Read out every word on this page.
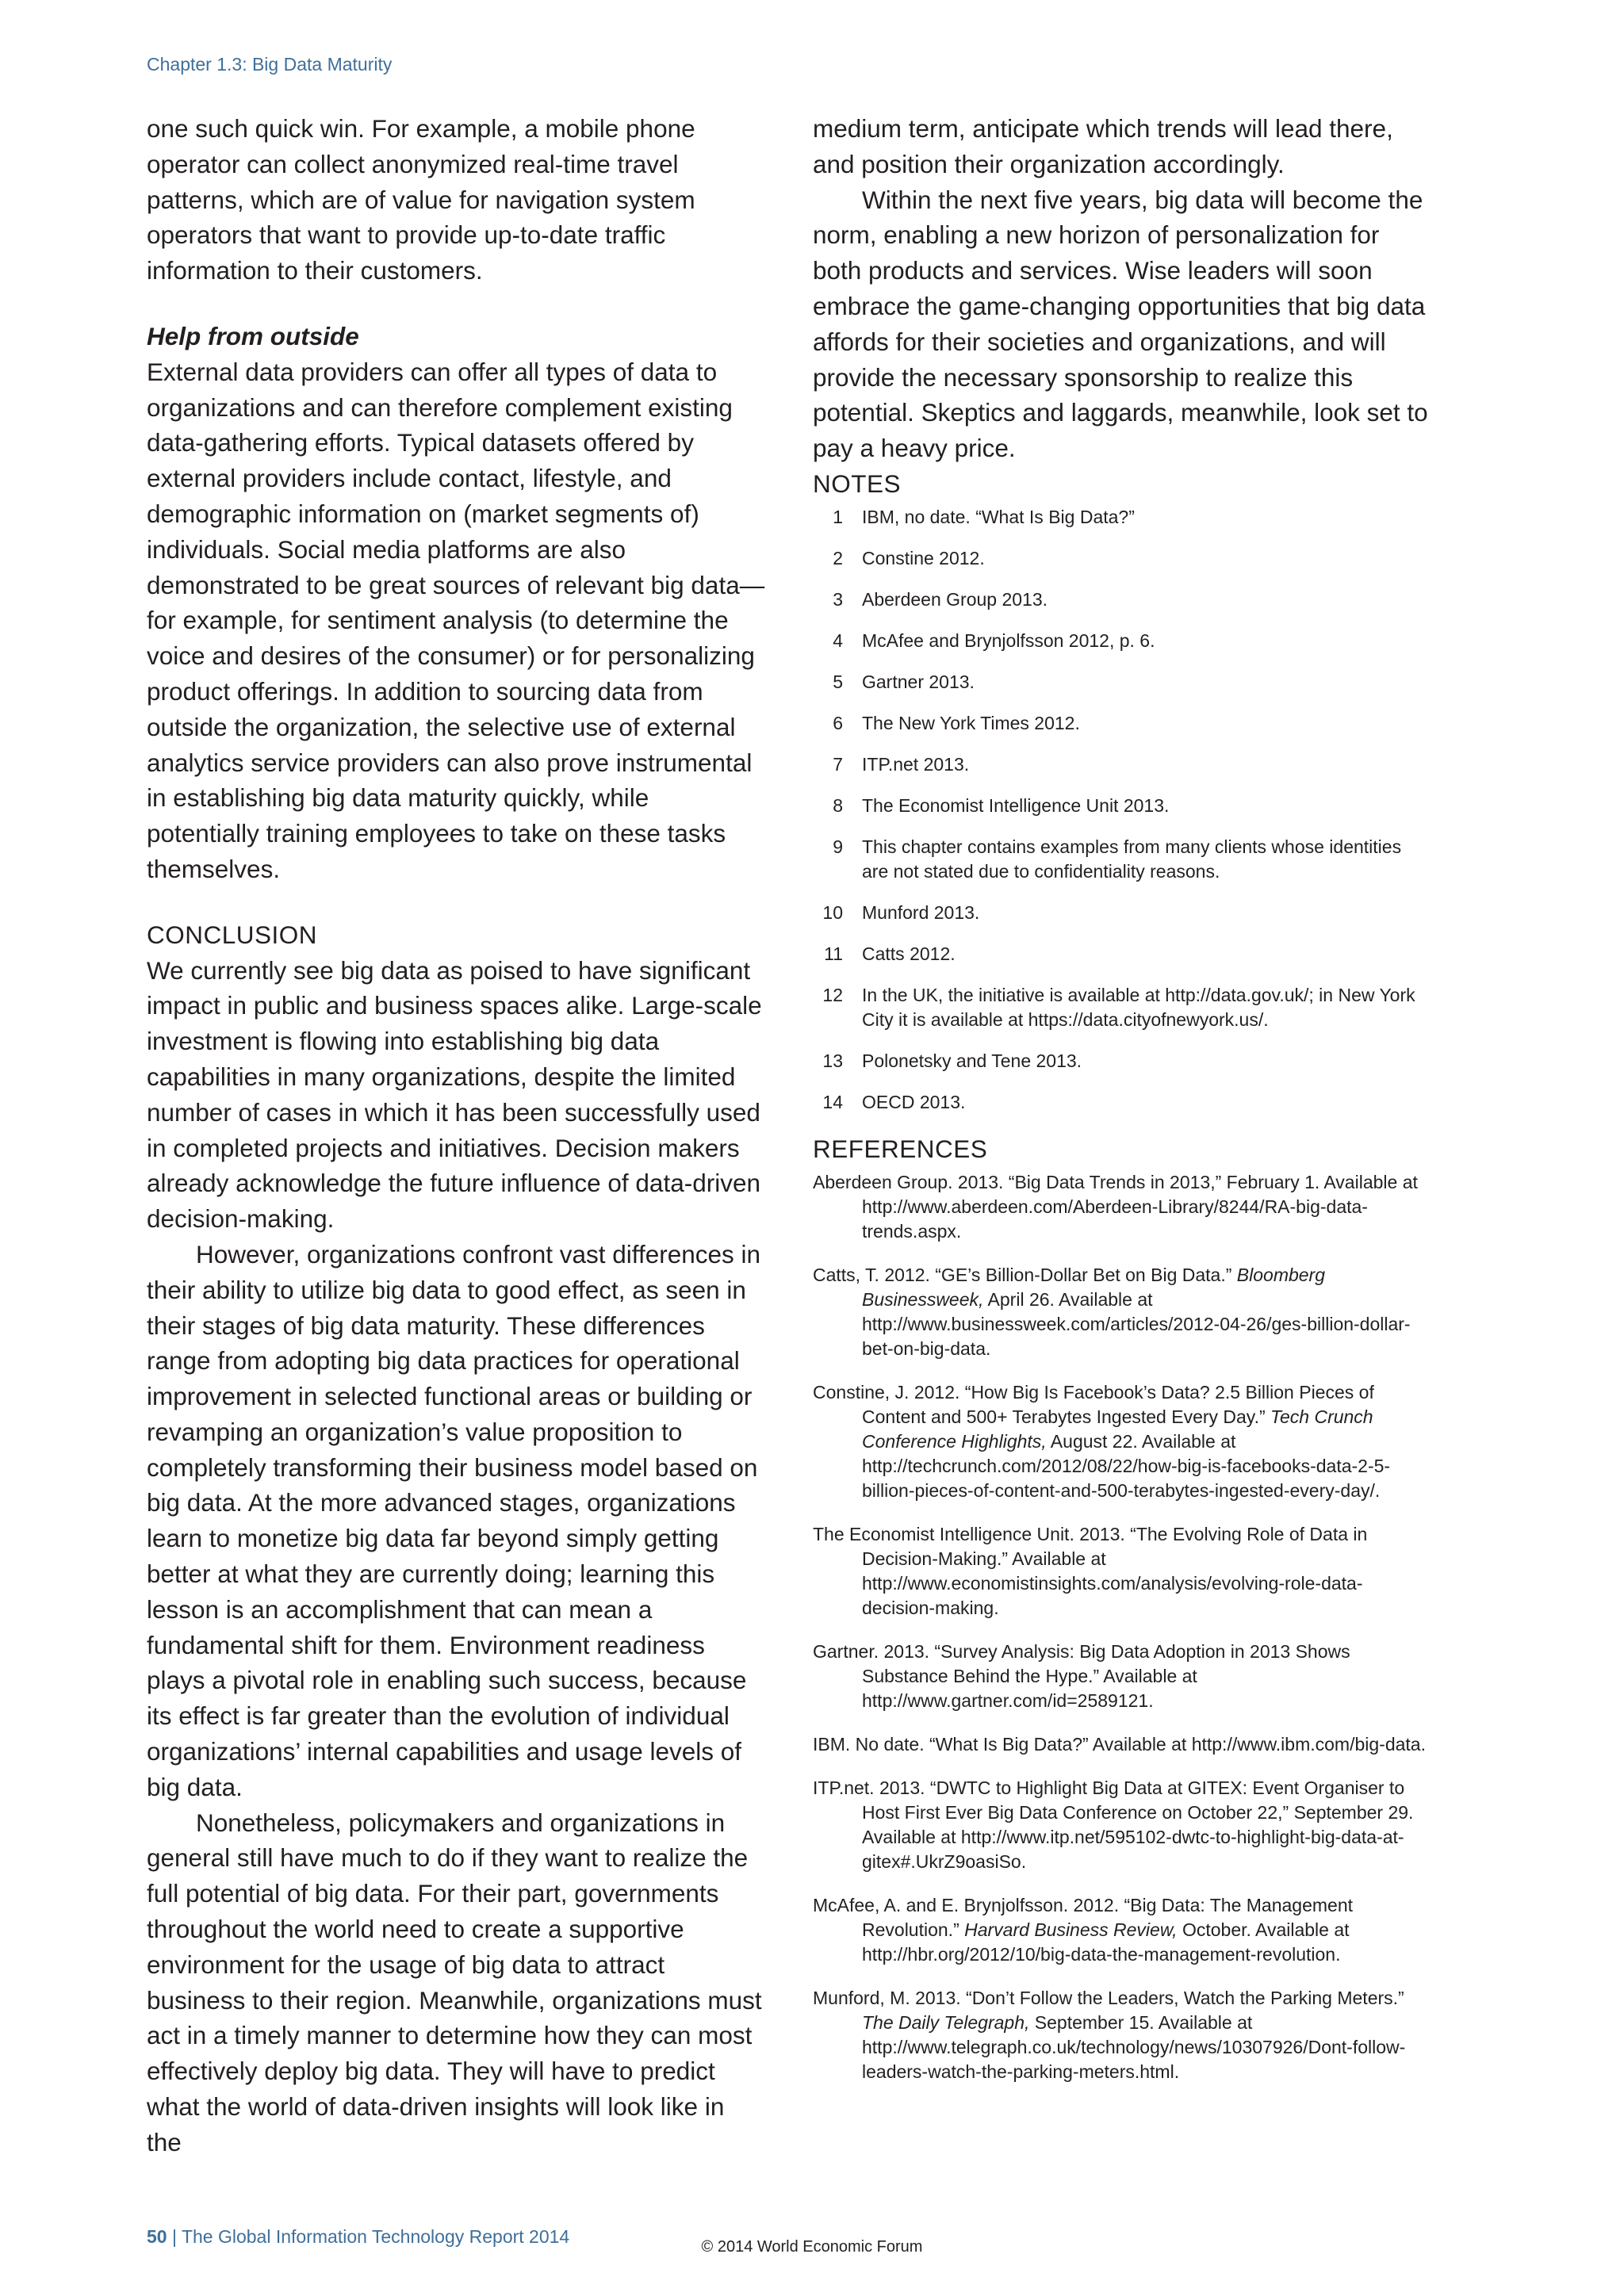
Chapter 1.3: Big Data Maturity

one such quick win. For example, a mobile phone operator can collect anonymized real-time travel patterns, which are of value for navigation system operators that want to provide up-to-date traffic information to their customers.

Help from outside

External data providers can offer all types of data to organizations and can therefore complement existing data-gathering efforts. Typical datasets offered by external providers include contact, lifestyle, and demographic information on (market segments of) individuals. Social media platforms are also demonstrated to be great sources of relevant big data—for example, for sentiment analysis (to determine the voice and desires of the consumer) or for personalizing product offerings. In addition to sourcing data from outside the organization, the selective use of external analytics service providers can also prove instrumental in establishing big data maturity quickly, while potentially training employees to take on these tasks themselves.

CONCLUSION

We currently see big data as poised to have significant impact in public and business spaces alike. Large-scale investment is flowing into establishing big data capabilities in many organizations, despite the limited number of cases in which it has been successfully used in completed projects and initiatives. Decision makers already acknowledge the future influence of data-driven decision-making.

However, organizations confront vast differences in their ability to utilize big data to good effect, as seen in their stages of big data maturity. These differences range from adopting big data practices for operational improvement in selected functional areas or building or revamping an organization’s value proposition to completely transforming their business model based on big data. At the more advanced stages, organizations learn to monetize big data far beyond simply getting better at what they are currently doing; learning this lesson is an accomplishment that can mean a fundamental shift for them. Environment readiness plays a pivotal role in enabling such success, because its effect is far greater than the evolution of individual organizations’ internal capabilities and usage levels of big data.

Nonetheless, policymakers and organizations in general still have much to do if they want to realize the full potential of big data. For their part, governments throughout the world need to create a supportive environment for the usage of big data to attract business to their region. Meanwhile, organizations must act in a timely manner to determine how they can most effectively deploy big data. They will have to predict what the world of data-driven insights will look like in the

medium term, anticipate which trends will lead there, and position their organization accordingly.

Within the next five years, big data will become the norm, enabling a new horizon of personalization for both products and services. Wise leaders will soon embrace the game-changing opportunities that big data affords for their societies and organizations, and will provide the necessary sponsorship to realize this potential. Skeptics and laggards, meanwhile, look set to pay a heavy price.

NOTES

1	IBM, no date. “What Is Big Data?”
2	Constine 2012.
3	Aberdeen Group 2013.
4	McAfee and Brynjolfsson 2012, p. 6.
5	Gartner 2013.
6	The New York Times 2012.
7	ITP.net 2013.
8	The Economist Intelligence Unit 2013.
9	This chapter contains examples from many clients whose identities are not stated due to confidentiality reasons.
10	Munford 2013.
11	Catts 2012.
12	In the UK, the initiative is available at http://data.gov.uk/; in New York City it is available at https://data.cityofnewyork.us/.
13	Polonetsky and Tene 2013.
14	OECD 2013.

REFERENCES

Aberdeen Group. 2013. “Big Data Trends in 2013,” February 1. Available at http://www.aberdeen.com/Aberdeen-Library/8244/RA-big-data-trends.aspx.
Catts, T. 2012. “GE’s Billion-Dollar Bet on Big Data.” Bloomberg Businessweek, April 26. Available at http://www.businessweek.com/articles/2012-04-26/ges-billion-dollar-bet-on-big-data.
Constine, J. 2012. “How Big Is Facebook’s Data? 2.5 Billion Pieces of Content and 500+ Terabytes Ingested Every Day.” Tech Crunch Conference Highlights, August 22. Available at http://techcrunch.com/2012/08/22/how-big-is-facebooks-data-2-5-billion-pieces-of-content-and-500-terabytes-ingested-every-day/.
The Economist Intelligence Unit. 2013. “The Evolving Role of Data in Decision-Making.” Available at http://www.economistinsights.com/analysis/evolving-role-data-decision-making.
Gartner. 2013. “Survey Analysis: Big Data Adoption in 2013 Shows Substance Behind the Hype.” Available at http://www.gartner.com/id=2589121.
IBM. No date. “What Is Big Data?” Available at http://www.ibm.com/big-data.
ITP.net. 2013. “DWTC to Highlight Big Data at GITEX: Event Organiser to Host First Ever Big Data Conference on October 22,” September 29. Available at http://www.itp.net/595102-dwtc-to-highlight-big-data-at-gitex#.UkrZ9oasiSo.
McAfee, A. and E. Brynjolfsson. 2012. “Big Data: The Management Revolution.” Harvard Business Review, October. Available at http://hbr.org/2012/10/big-data-the-management-revolution.
Munford, M. 2013. “Don’t Follow the Leaders, Watch the Parking Meters.” The Daily Telegraph, September 15. Available at http://www.telegraph.co.uk/technology/news/10307926/Dont-follow-leaders-watch-the-parking-meters.html.
50 | The Global Information Technology Report 2014	© 2014 World Economic Forum
